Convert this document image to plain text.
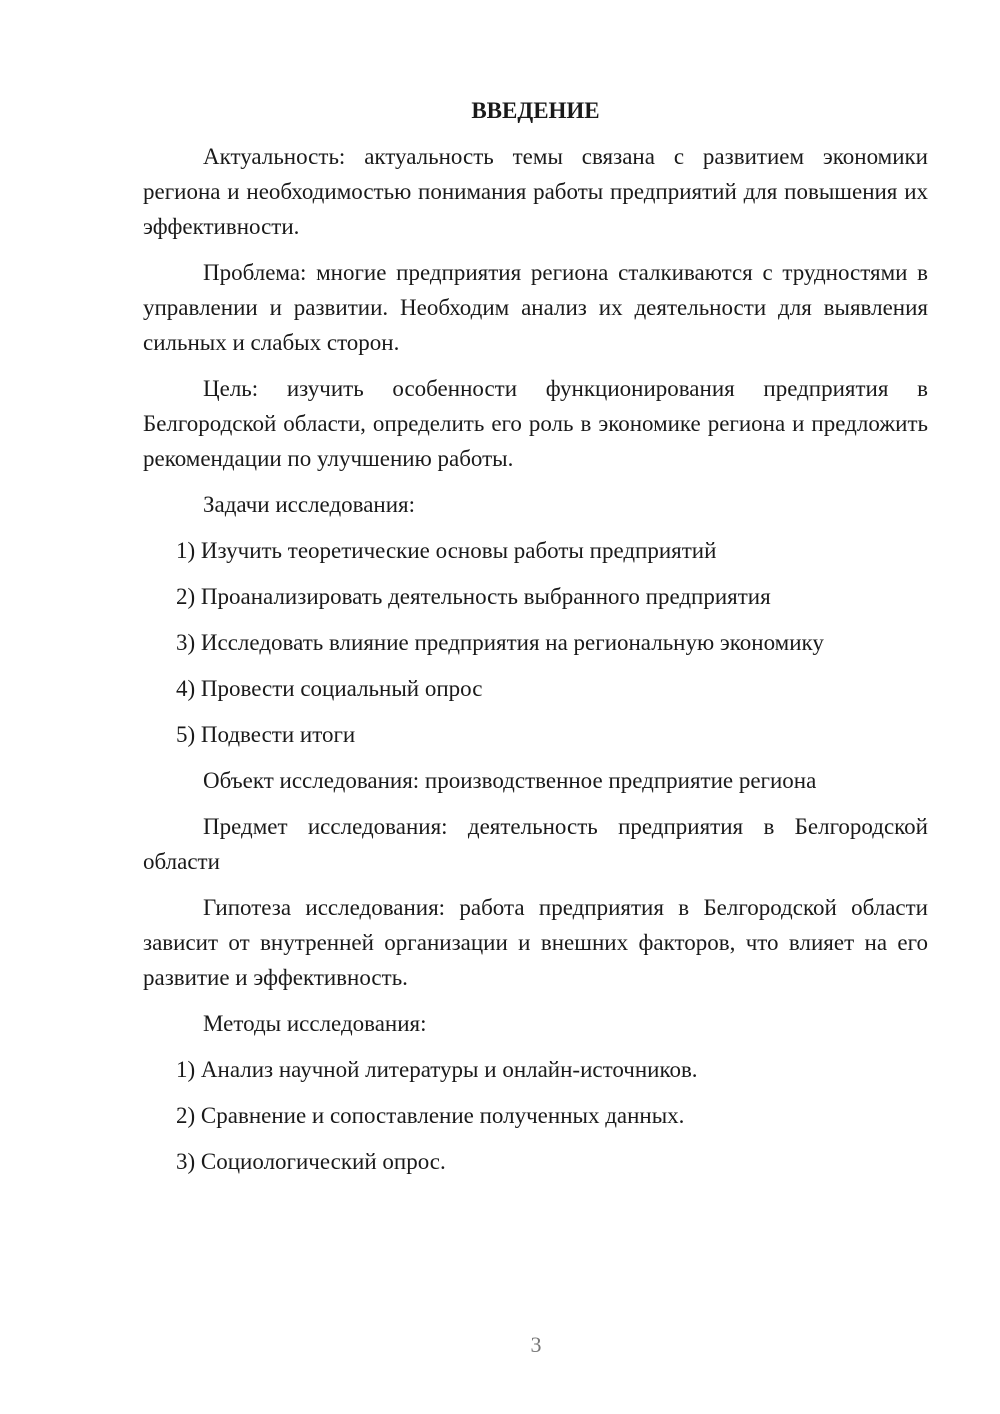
ВВЕДЕНИЕ

Актуальность: актуальность темы связана с развитием экономики региона и необходимостью понимания работы предприятий для повышения их эффективности.

Проблема: многие предприятия региона сталкиваются с трудностями в управлении и развитии. Необходим анализ их деятельности для выявления сильных и слабых сторон.

Цель: изучить особенности функционирования предприятия в Белгородской области, определить его роль в экономике региона и предложить рекомендации по улучшению работы.

Задачи исследования:

1) Изучить теоретические основы работы предприятий

2) Проанализировать деятельность выбранного предприятия

3) Исследовать влияние предприятия на региональную экономику

4) Провести социальный опрос

5) Подвести итоги

Объект исследования: производственное предприятие региона

Предмет исследования: деятельность предприятия в Белгородской области

Гипотеза исследования: работа предприятия в Белгородской области зависит от внутренней организации и внешних факторов, что влияет на его развитие и эффективность.

Методы исследования:

1) Анализ научной литературы и онлайн-источников.

2) Сравнение и сопоставление полученных данных.

3) Социологический опрос.

3
